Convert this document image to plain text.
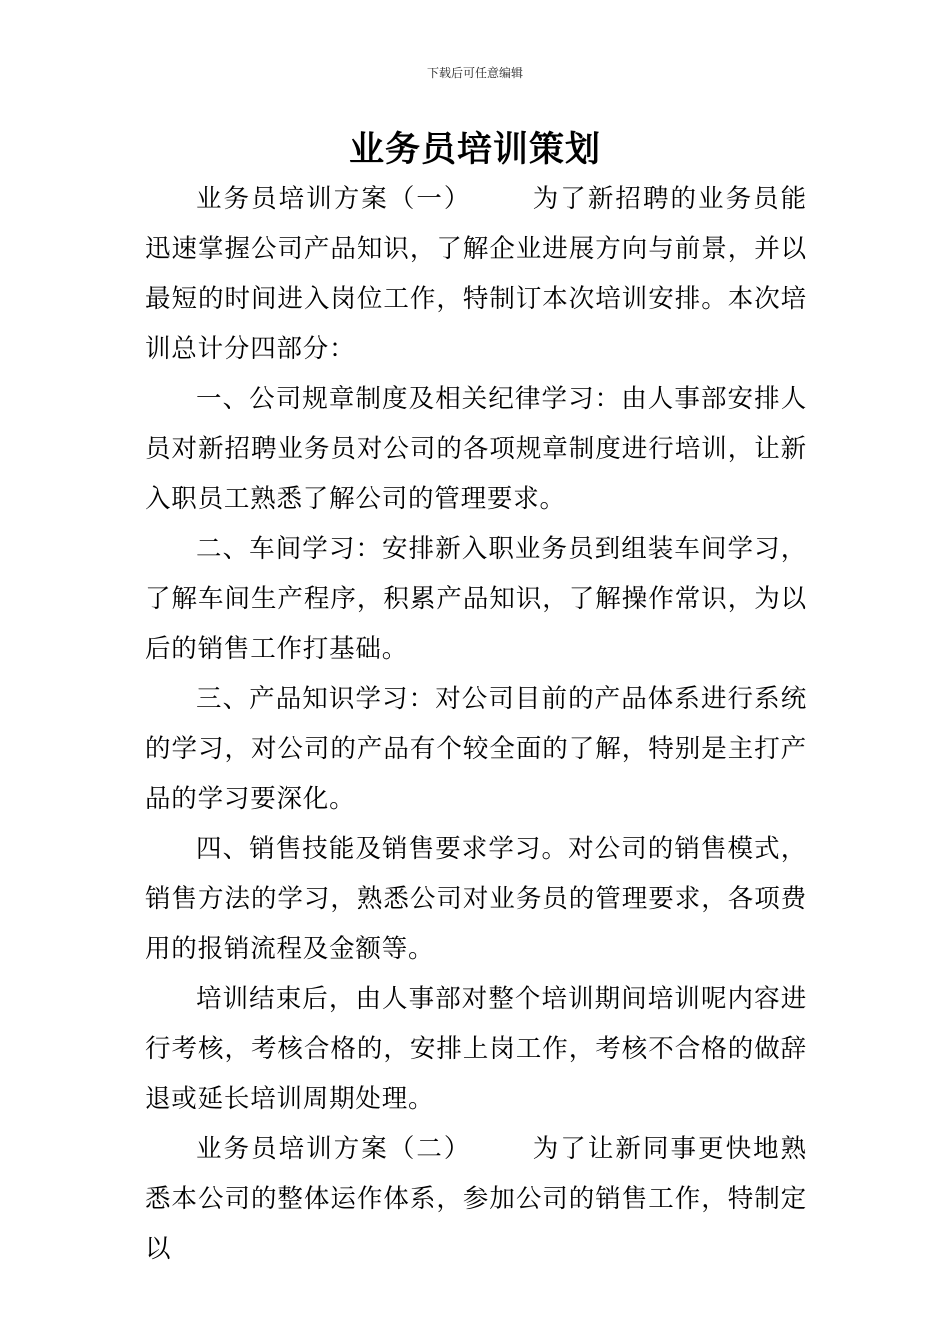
下载后可任意编辑
业务员培训策划

业务员培训方案（一） 为了新招聘的业务员能迅速掌握公司产品知识，了解企业进展方向与前景，并以最短的时间进入岗位工作，特制订本次培训安排。本次培训总计分四部分：

一、公司规章制度及相关纪律学习：由人事部安排人员对新招聘业务员对公司的各项规章制度进行培训，让新入职员工熟悉了解公司的管理要求。

二、车间学习：安排新入职业务员到组装车间学习，了解车间生产程序，积累产品知识，了解操作常识，为以后的销售工作打基础。

三、产品知识学习：对公司目前的产品体系进行系统的学习，对公司的产品有个较全面的了解，特别是主打产品的学习要深化。

四、销售技能及销售要求学习。对公司的销售模式，销售方法的学习，熟悉公司对业务员的管理要求，各项费用的报销流程及金额等。

培训结束后，由人事部对整个培训期间培训呢内容进行考核，考核合格的，安排上岗工作，考核不合格的做辞退或延长培训周期处理。

业务员培训方案（二） 为了让新同事更快地熟悉本公司的整体运作体系，参加公司的销售工作，特制定以
